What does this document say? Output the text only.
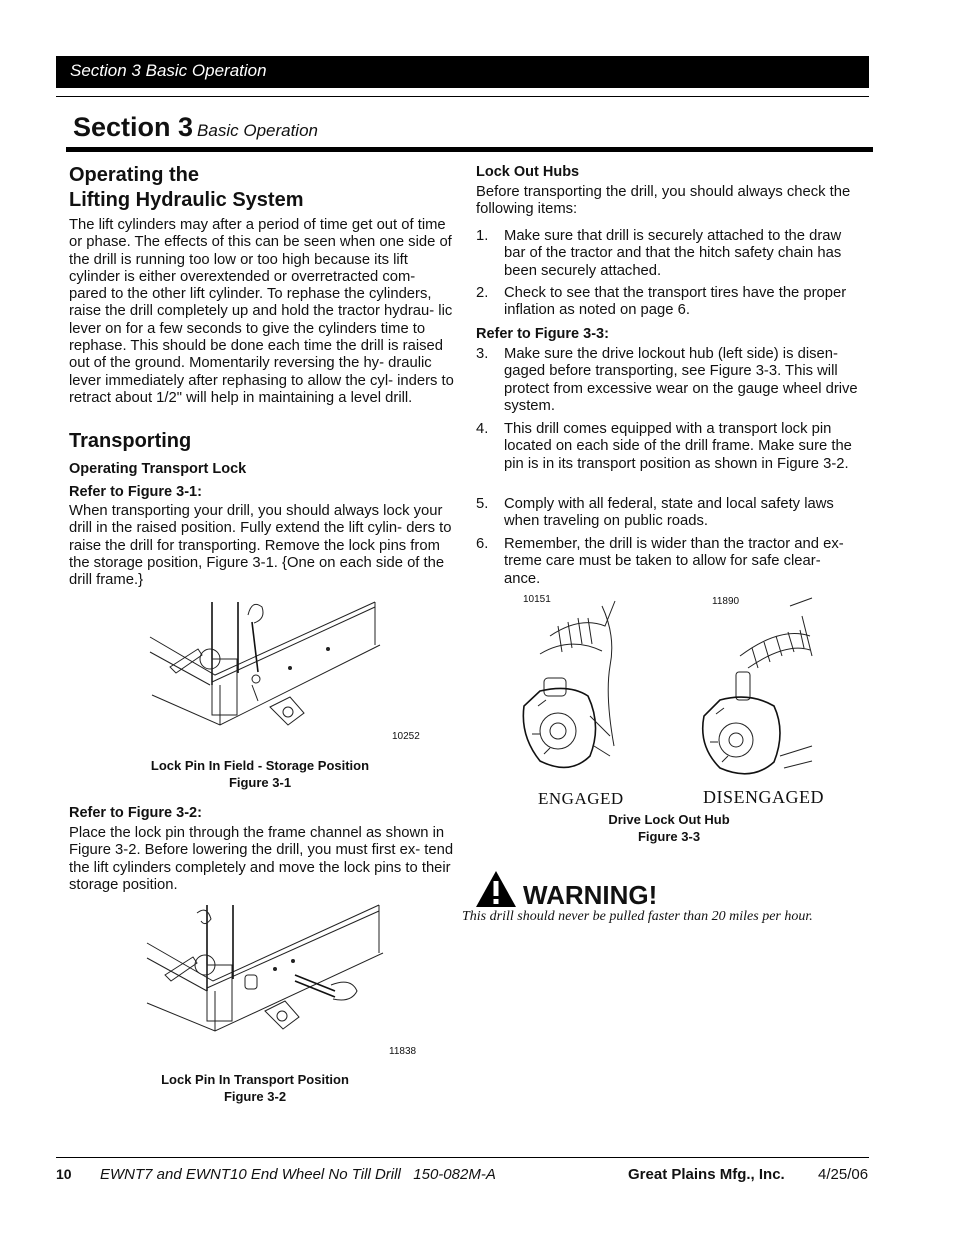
Section 3 Basic Operation
Section 3 Basic Operation
Operating the
Lifting Hydraulic System

The lift cylinders may after a period of time get out of time or phase. The effects of this can be seen when one side of the drill is running too low or too high because its lift cylinder is either overextended or overretracted com- pared to the other lift cylinder. To rephase the cylinders, raise the drill completely up and hold the tractor hydrau- lic lever on for a few seconds to give the cylinders time to rephase. This should be done each time the drill is raised out of the ground. Momentarily reversing the hy- draulic lever immediately after rephasing to allow the cyl- inders to retract about 1/2" will help in maintaining a level drill.

Transporting
Operating Transport Lock
Refer to Figure 3-1:

When transporting your drill, you should always lock your drill in the raised position. Fully extend the lift cylin- ders to raise the drill for transporting. Remove the lock pins from the storage position, Figure 3-1. {One on each side of the drill frame.}

10252
Lock Pin In Field - Storage Position
Figure 3-1
Refer to Figure 3-2:

Place the lock pin through the frame channel as shown in Figure 3-2. Before lowering the drill, you must first ex- tend the lift cylinders completely and move the lock pins to their storage position.

11838
Lock Pin In Transport Position
Figure 3-2
Lock Out Hubs

Before transporting the drill, you should always check the following items:

1. Make sure that drill is securely attached to the draw bar of the tractor and that the hitch safety chain has been securely attached.
2. Check to see that the transport tires have the proper inflation as noted on page 6.
Refer to Figure 3-3:
3. Make sure the drive lockout hub (left side) is disen- gaged before transporting, see Figure 3-3. This will protect from excessive wear on the gauge wheel drive system.
4. This drill comes equipped with a transport lock pin located on each side of the drill frame. Make sure the pin is in its transport position as shown in Figure 3-2.
5. Comply with all federal, state and local safety laws when traveling on public roads.
6. Remember, the drill is wider than the tractor and ex- treme care must be taken to allow for safe clear- ance.
10151	11890
ENGAGED	DISENGAGED
Drive Lock Out Hub
Figure 3-3
WARNING!
This drill should never be pulled faster than 20 miles per hour.
10 EWNT7 and EWNT10 End Wheel No Till Drill   150-082M-A	Great Plains Mfg., Inc. 4/25/06
